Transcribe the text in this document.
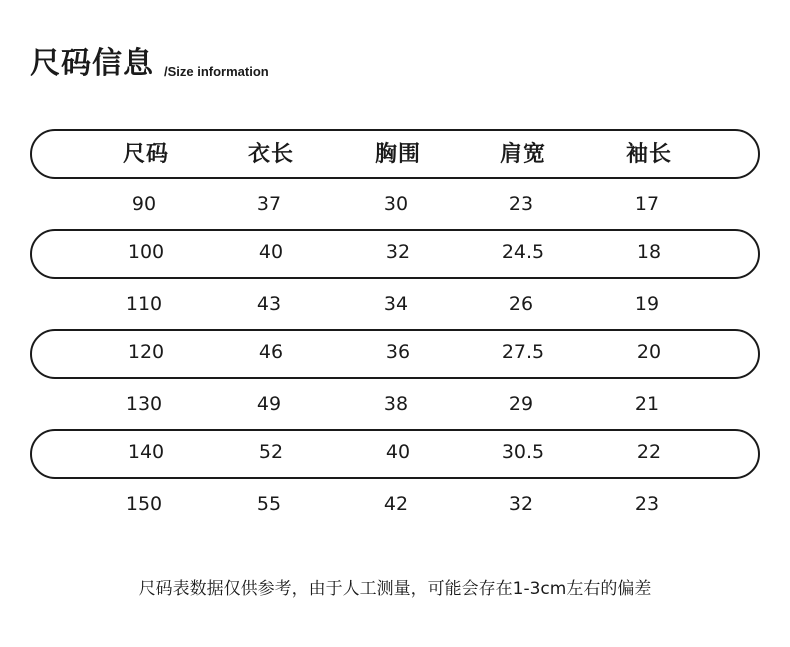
尺码信息 /Size information
尺码	衣长	胸围	肩宽	袖长
90	37	30	23	17
100	40	32	24.5	18
110	43	34	26	19
120	46	36	27.5	20
130	49	38	29	21
140	52	40	30.5	22
150	55	42	32	23
尺码表数据仅供参考，由于人工测量，可能会存在1-3cm左右的偏差
